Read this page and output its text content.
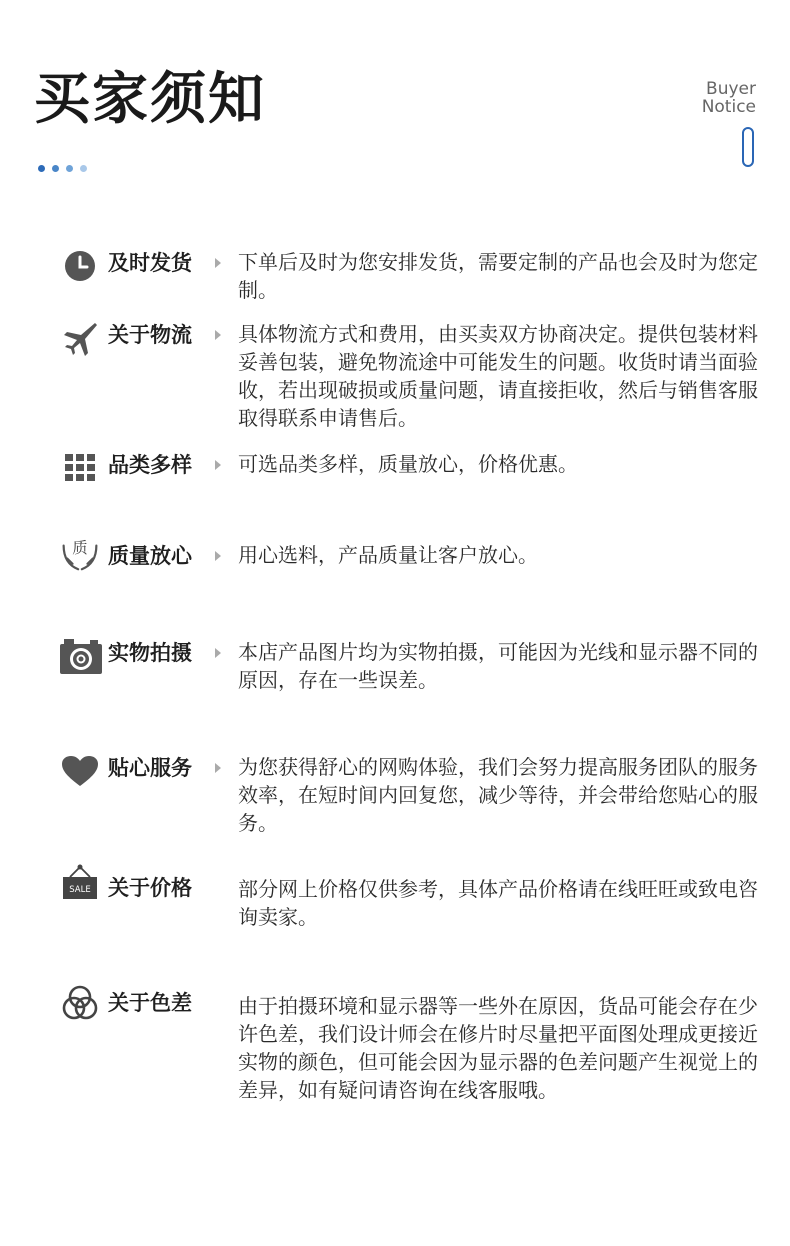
买家须知	Buyer
Notice
及时发货 下单后及时为您安排发货，需要定制的产品也会及时为您定制。
关于物流 具体物流方式和费用，由买卖双方协商决定。提供包装材料妥善包装，避免物流途中可能发生的问题。收货时请当面验收，若出现破损或质量问题，请直接拒收，然后与销售客服取得联系申请售后。
品类多样 可选品类多样，质量放心，价格优惠。
质 质量放心 用心选料，产品质量让客户放心。
实物拍摄 本店产品图片均为实物拍摄，可能因为光线和显示器不同的原因，存在一些误差。
贴心服务 为您获得舒心的网购体验，我们会努力提高服务团队的服务效率，在短时间内回复您，减少等待，并会带给您贴心的服务。
SALE 关于价格 部分网上价格仅供参考，具体产品价格请在线旺旺或致电咨询卖家。
关于色差 由于拍摄环境和显示器等一些外在原因，货品可能会存在少许色差，我们设计师会在修片时尽量把平面图处理成更接近实物的颜色，但可能会因为显示器的色差问题产生视觉上的差异，如有疑问请咨询在线客服哦。
